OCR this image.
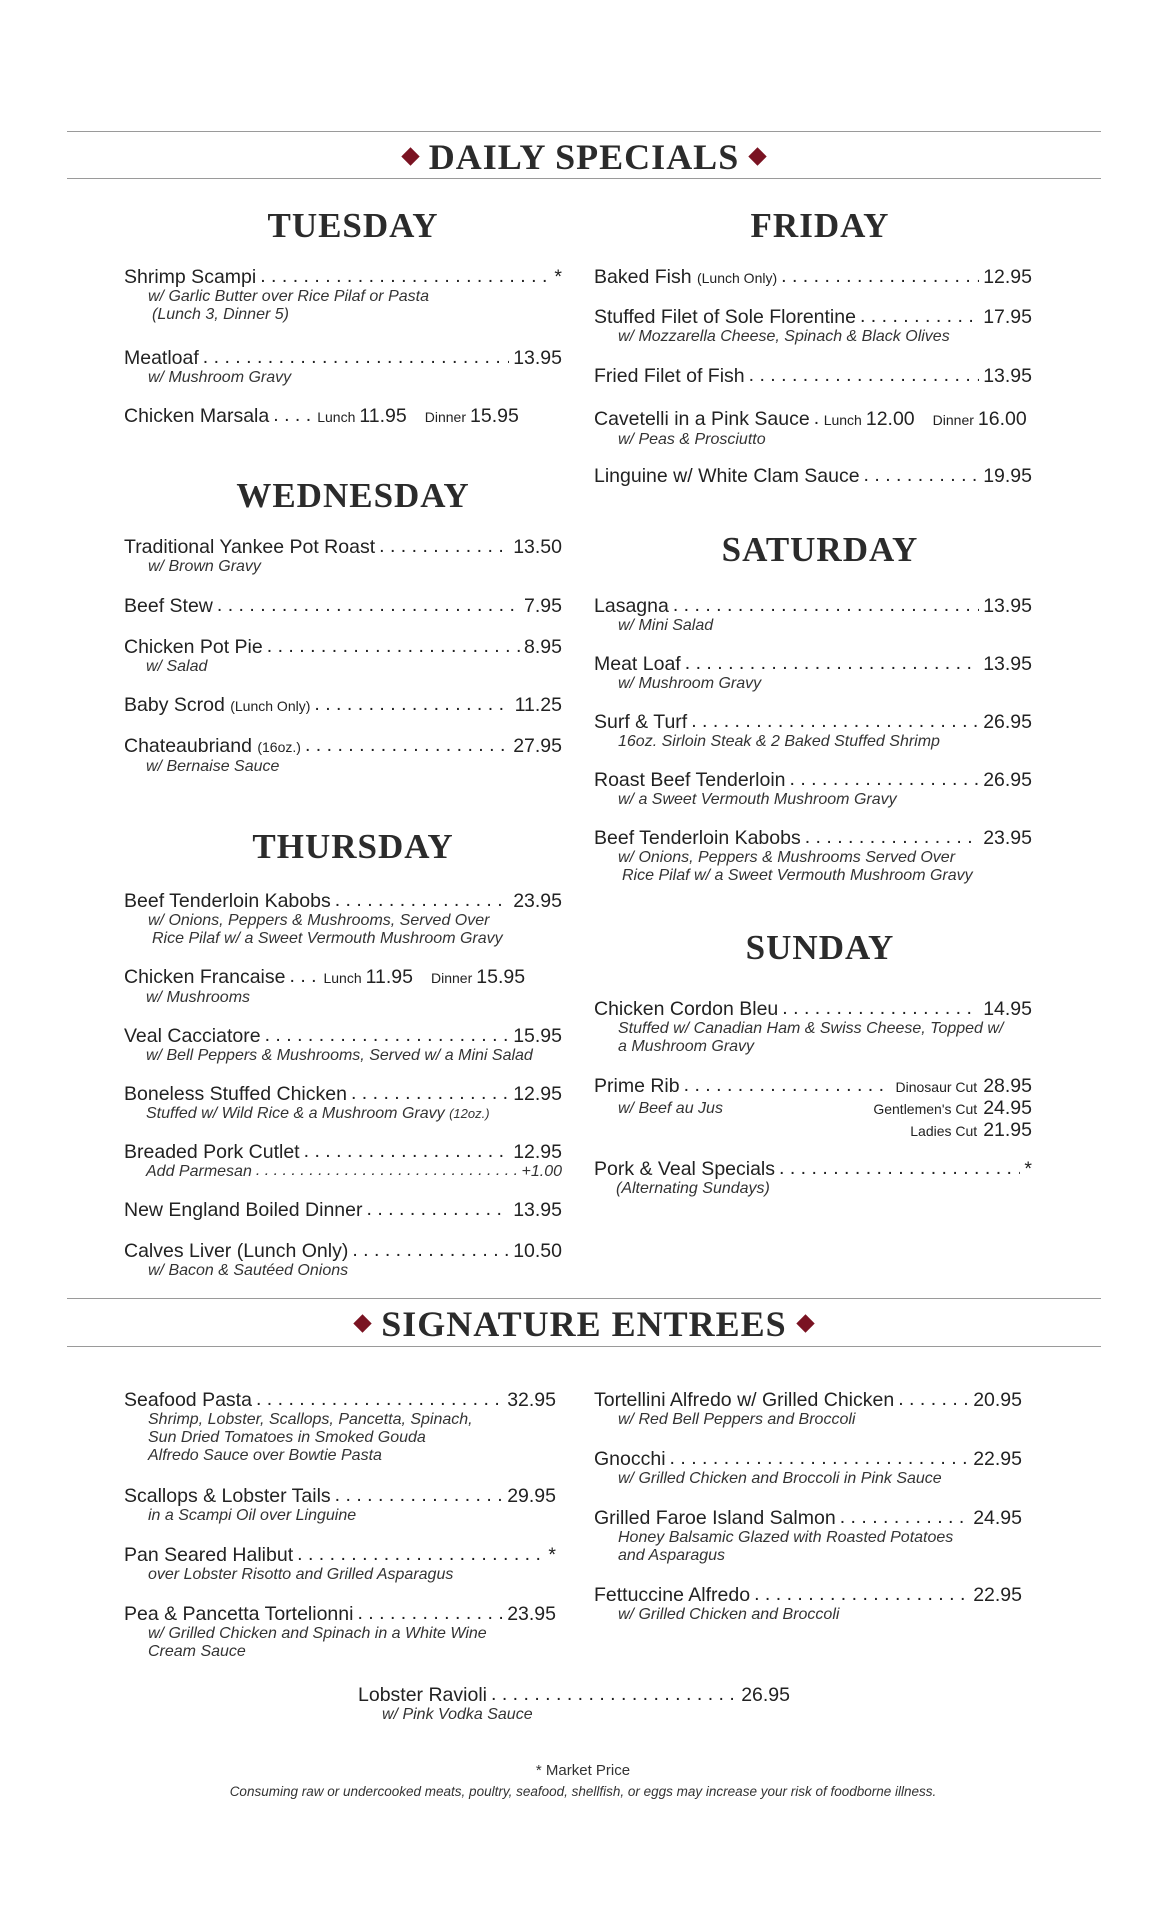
DAILY SPECIALS
TUESDAY
Shrimp Scampi . . .	*
w/ Garlic Butter over Rice Pilaf or Pasta
(Lunch 3, Dinner 5)
Meatloaf . . .	13.95
w/ Mushroom Gravy
Chicken Marsala . . .	Lunch 11.95 Dinner 15.95
WEDNESDAY
Traditional Yankee Pot Roast . . .	13.50
w/ Brown Gravy
Beef Stew . . .	7.95
Chicken Pot Pie . . .	8.95
w/ Salad
Baby Scrod
(Lunch Only) . . .	11.25
Chateaubriand
(16oz.) . . .	27.95
w/ Bernaise Sauce
THURSDAY
Beef Tenderloin Kabobs . . .	23.95
w/ Onions, Peppers & Mushrooms, Served Over
Rice Pilaf w/ a Sweet Vermouth Mushroom Gravy
Chicken Francaise . . .	Lunch 11.95 Dinner 15.95
w/ Mushrooms
Veal Cacciatore . . .	15.95
w/ Bell Peppers & Mushrooms, Served w/ a Mini Salad
Boneless Stuffed Chicken . . .	12.95
Stuffed w/ Wild Rice & a Mushroom Gravy (12oz.)
Breaded Pork Cutlet . . .	12.95
Add Parmesan . . .	+1.00
New England Boiled Dinner . . .	13.95
Calves Liver (Lunch Only) . . .	10.50
w/ Bacon & Sautéed Onions
FRIDAY
Baked Fish
(Lunch Only) . . .	12.95
Stuffed Filet of Sole Florentine . . .	17.95
w/ Mozzarella Cheese, Spinach & Black Olives
Fried Filet of Fish . . .	13.95
Cavetelli in a Pink Sauce . . . Lunch 12.00 Dinner 16.00
w/ Peas & Prosciutto
Linguine w/ White Clam Sauce . . .	19.95
SATURDAY
Lasagna . . .	13.95
w/ Mini Salad
Meat Loaf . . .	13.95
w/ Mushroom Gravy
Surf & Turf . . .	26.95
16oz. Sirloin Steak & 2 Baked Stuffed Shrimp
Roast Beef Tenderloin . . .	26.95
w/ a Sweet Vermouth Mushroom Gravy
Beef Tenderloin Kabobs . . .	23.95
w/ Onions, Peppers & Mushrooms Served Over
Rice Pilaf w/ a Sweet Vermouth Mushroom Gravy
SUNDAY
Chicken Cordon Bleu . . .	14.95
Stuffed w/ Canadian Ham & Swiss Cheese, Topped w/
a Mushroom Gravy
Prime Rib . . .	Dinosaur Cut 28.95
w/ Beef au Jus	Gentlemen's Cut 24.95
Ladies Cut 21.95
Pork & Veal Specials . . .	*
(Alternating Sundays)
SIGNATURE ENTREES
Seafood Pasta . . .	32.95
Shrimp, Lobster, Scallops, Pancetta, Spinach,
Sun Dried Tomatoes in Smoked Gouda
Alfredo Sauce over Bowtie Pasta
Scallops & Lobster Tails . . .	29.95
in a Scampi Oil over Linguine
Pan Seared Halibut . . .	*
over Lobster Risotto and Grilled Asparagus
Pea & Pancetta Tortelionni . . .	23.95
w/ Grilled Chicken and Spinach in a White Wine
Cream Sauce
Tortellini Alfredo w/ Grilled Chicken . . .	20.95
w/ Red Bell Peppers and Broccoli
Gnocchi . . .	22.95
w/ Grilled Chicken and Broccoli in Pink Sauce
Grilled Faroe Island Salmon . . .	24.95
Honey Balsamic Glazed with Roasted Potatoes
and Asparagus
Fettuccine Alfredo . . .	22.95
w/ Grilled Chicken and Broccoli
Lobster Ravioli . . .	26.95
w/ Pink Vodka Sauce
* Market Price
Consuming raw or undercooked meats, poultry, seafood, shellfish, or eggs may increase your risk of foodborne illness.
